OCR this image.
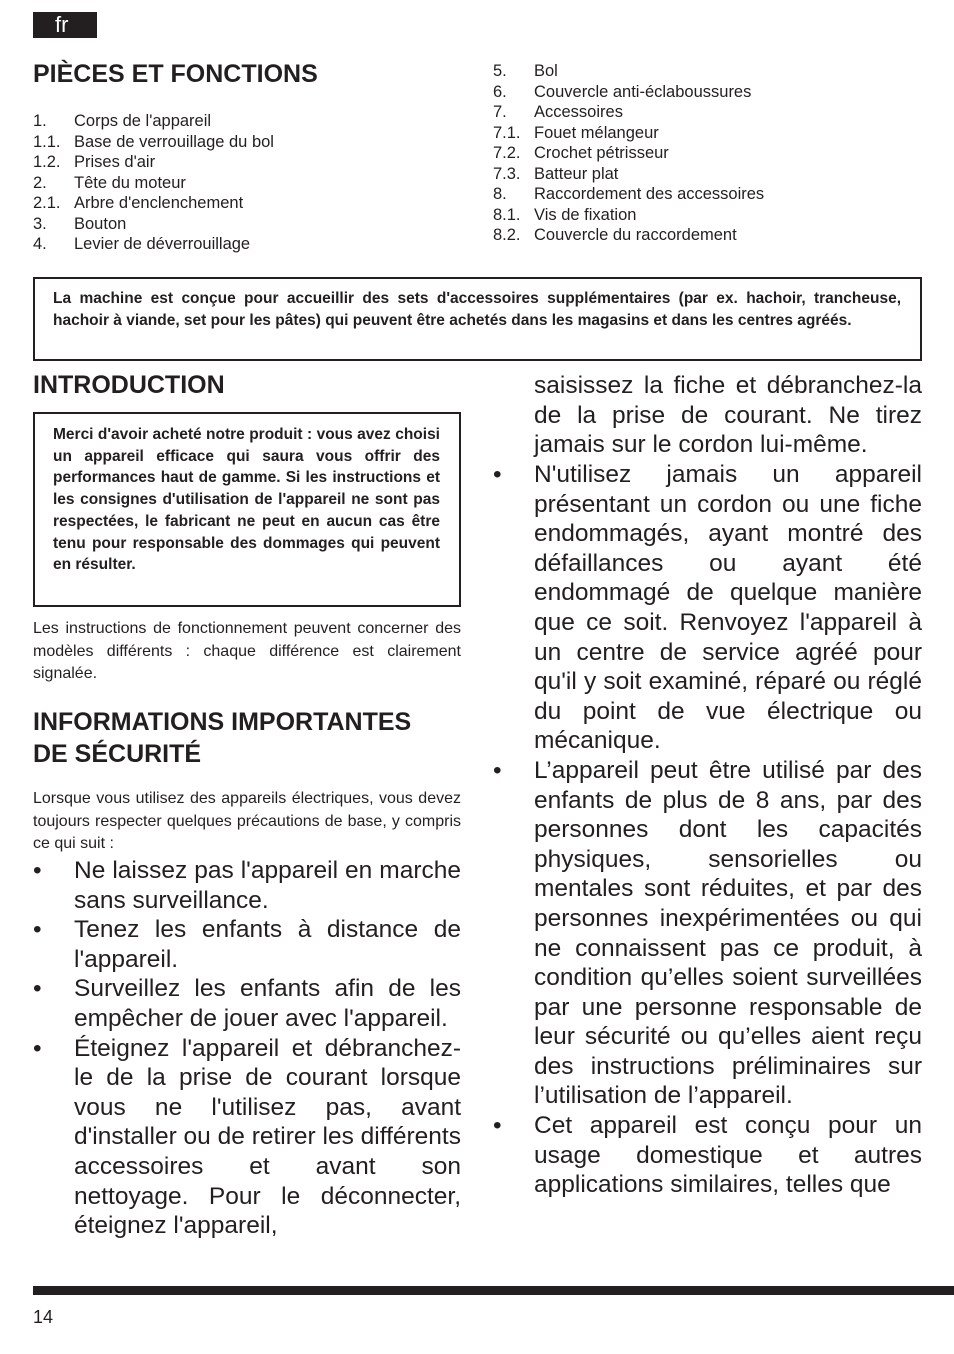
fr
PIÈCES ET FONCTIONS
1.	Corps de l'appareil
1.1. Base de verrouillage du bol
1.2. Prises d'air
2.	Tête du moteur
2.1. Arbre d'enclenchement
3.	Bouton
4.	Levier de déverrouillage
5.	Bol
6.	Couvercle anti-éclaboussures
7.	Accessoires
7.1. Fouet mélangeur
7.2. Crochet pétrisseur
7.3. Batteur plat
8.	Raccordement des accessoires
8.1. Vis de fixation
8.2. Couvercle du raccordement
La machine est conçue pour accueillir des sets d'accessoires supplémentaires (par ex. hachoir, trancheuse, hachoir à viande, set pour les pâtes) qui peuvent être achetés dans les magasins et dans les centres agréés.
INTRODUCTION
Merci d'avoir acheté notre produit : vous avez choisi un appareil efficace qui saura vous offrir des performances haut de gamme. Si les instructions et les consignes d'utilisation de l'appareil ne sont pas respectées, le fabricant ne peut en aucun cas être tenu pour responsable des dommages qui peuvent en résulter.

Les instructions de fonctionnement peuvent concerner des modèles différents : chaque différence est clairement signalée.

INFORMATIONS IMPORTANTES
DE SÉCURITÉ

Lorsque vous utilisez des appareils électriques, vous devez toujours respecter quelques précautions de base, y compris ce qui suit :

• Ne laissez pas l'appareil en marche sans surveillance.
• Tenez les enfants à distance de l'appareil.
• Surveillez les enfants afin de les empêcher de jouer avec l'appareil.
• Éteignez l'appareil et débranchez-le de la prise de courant lorsque vous ne l'utilisez pas, avant d'installer ou de retirer les différents accessoires et avant son nettoyage. Pour le déconnecter, éteignez l'appareil,

saisissez la fiche et débranchez-la de la prise de courant. Ne tirez jamais sur le cordon lui-même.

• N'utilisez jamais un appareil présentant un cordon ou une fiche endommagés, ayant montré des défaillances ou ayant été endommagé de quelque manière que ce soit. Renvoyez l'appareil à un centre de service agréé pour qu'il y soit examiné, réparé ou réglé du point de vue électrique ou mécanique.
• L’appareil peut être utilisé par des enfants de plus de 8 ans, par des personnes dont les capacités physiques, sensorielles ou mentales sont réduites, et par des personnes inexpérimentées ou qui ne connaissent pas ce produit, à condition qu’elles soient surveillées par une personne responsable de leur sécurité ou qu’elles aient reçu des instructions préliminaires sur l’utilisation de l’appareil.
• Cet appareil est conçu pour un usage domestique et autres applications similaires, telles que
14
